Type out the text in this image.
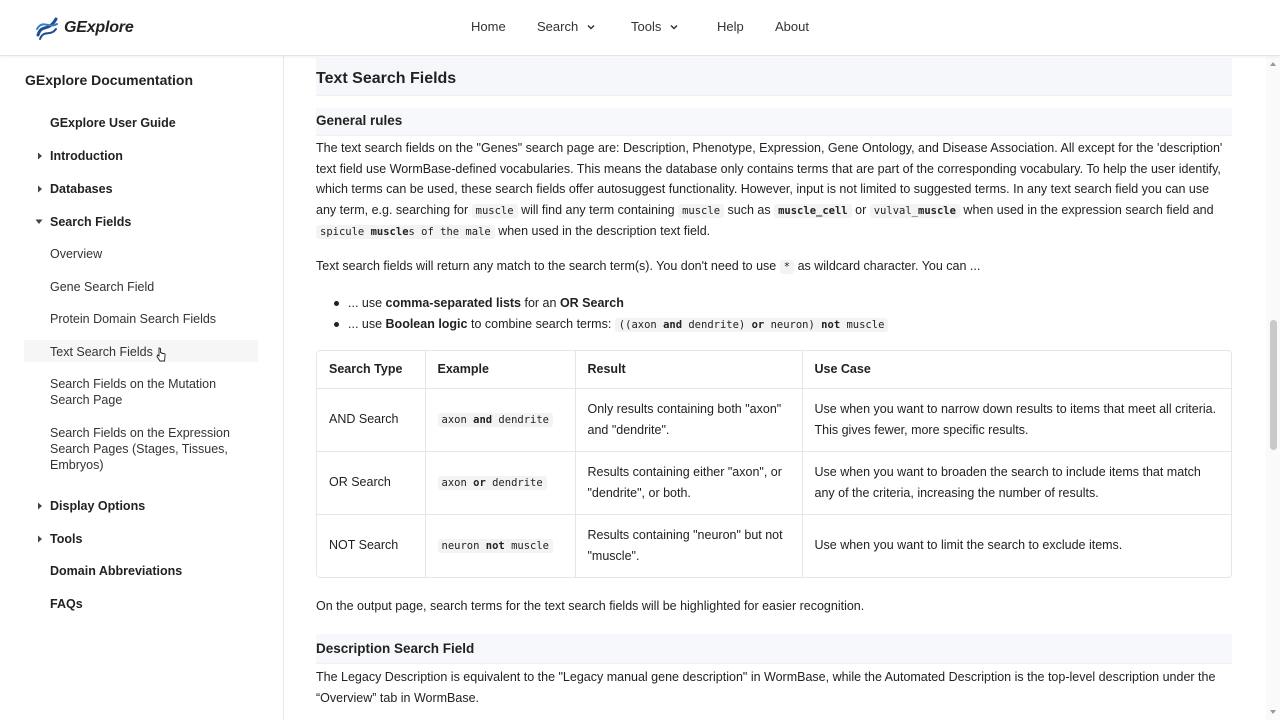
GExplore	Home Search	Tools	Help About
GExplore Documentation
GExplore User Guide
Introduction
Databases
Search Fields
Overview
Gene Search Field
Protein Domain Search Fields
Text Search Fields
Search Fields on the Mutation Search Page
Search Fields on the Expression Search Pages (Stages, Tissues, Embryos)
Display Options
Tools
Domain Abbreviations
FAQs
Text Search Fields
General rules
The text search fields on the "Genes" search page are: Description, Phenotype, Expression, Gene Ontology, and Disease Association. All except for the 'description' text field use WormBase-defined vocabularies. This means the database only contains terms that are part of the corresponding vocabulary. To help the user identify, which terms can be used, these search fields offer autosuggest functionality. However, input is not limited to suggested terms. In any text search field you can use any term, e.g. searching for muscle will find any term containing muscle such as muscle_cell or vulval_muscle when used in the expression search field and spicule muscles of the male when used in the description text field.
Text search fields will return any match to the search term(s). You don't need to use * as wildcard character. You can ...
... use comma-separated lists for an OR Search
... use Boolean logic to combine search terms: ((axon and dendrite) or neuron) not muscle
Search Type	Example	Result	Use Case
AND Search	axon and dendrite	Only results containing both "axon" and "dendrite".	Use when you want to narrow down results to items that meet all criteria. This gives fewer, more specific results.
OR Search	axon or dendrite	Results containing either "axon", or "dendrite", or both.	Use when you want to broaden the search to include items that match any of the criteria, increasing the number of results.
NOT Search	neuron not muscle	Results containing "neuron" but not "muscle".	Use when you want to limit the search to exclude items.
On the output page, search terms for the text search fields will be highlighted for easier recognition.
Description Search Field
The Legacy Description is equivalent to the "Legacy manual gene description" in WormBase, while the Automated Description is the top-level description under the “Overview” tab in WormBase.
